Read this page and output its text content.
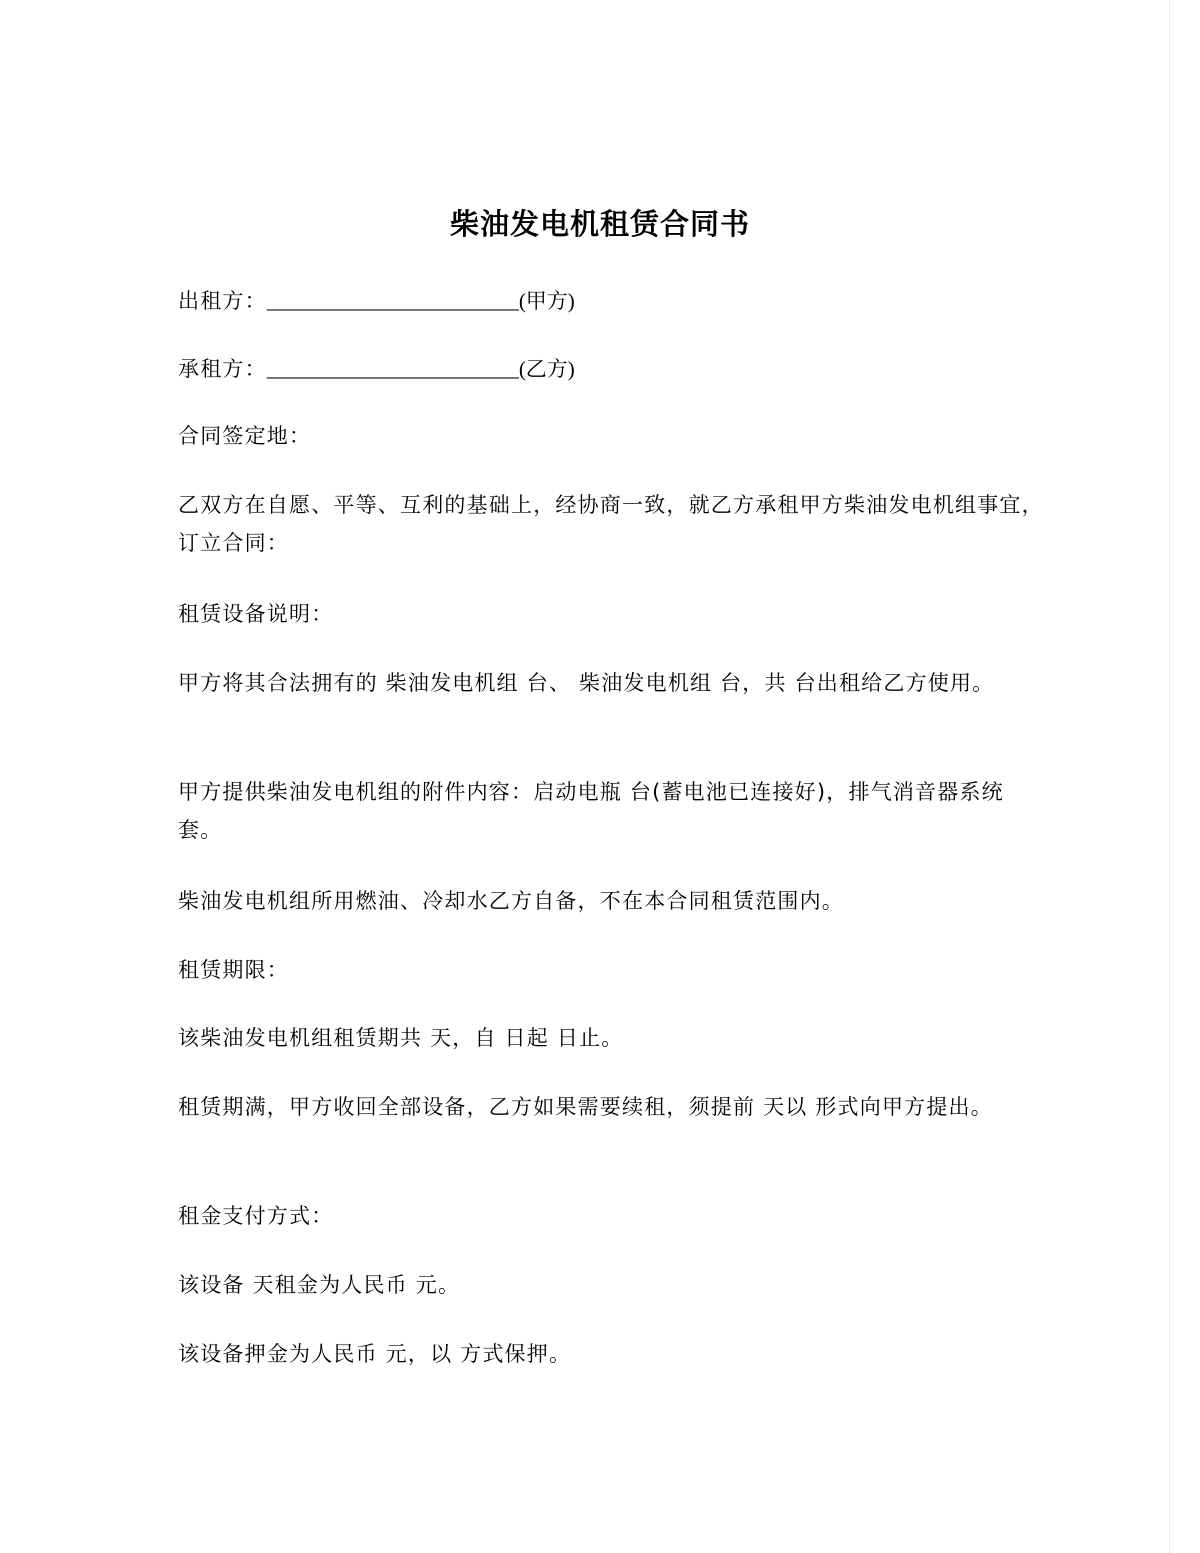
柴油发电机租赁合同书

出租方：________________________(甲方)

承租方：________________________(乙方)

合同签定地：

乙双方在自愿、平等、互利的基础上，经协商一致，就乙方承租甲方柴油发电机组事宜，订立合同：

租赁设备说明：

甲方将其合法拥有的 柴油发电机组 台、 柴油发电机组 台，共 台出租给乙方使用。

甲方提供柴油发电机组的附件内容：启动电瓶 台(蓄电池已连接好)，排气消音器系统 套。

柴油发电机组所用燃油、冷却水乙方自备，不在本合同租赁范围内。

租赁期限：

该柴油发电机组租赁期共 天，自 日起 日止。

租赁期满，甲方收回全部设备，乙方如果需要续租，须提前 天以 形式向甲方提出。

租金支付方式：

该设备 天租金为人民币 元。

该设备押金为人民币 元，以 方式保押。
